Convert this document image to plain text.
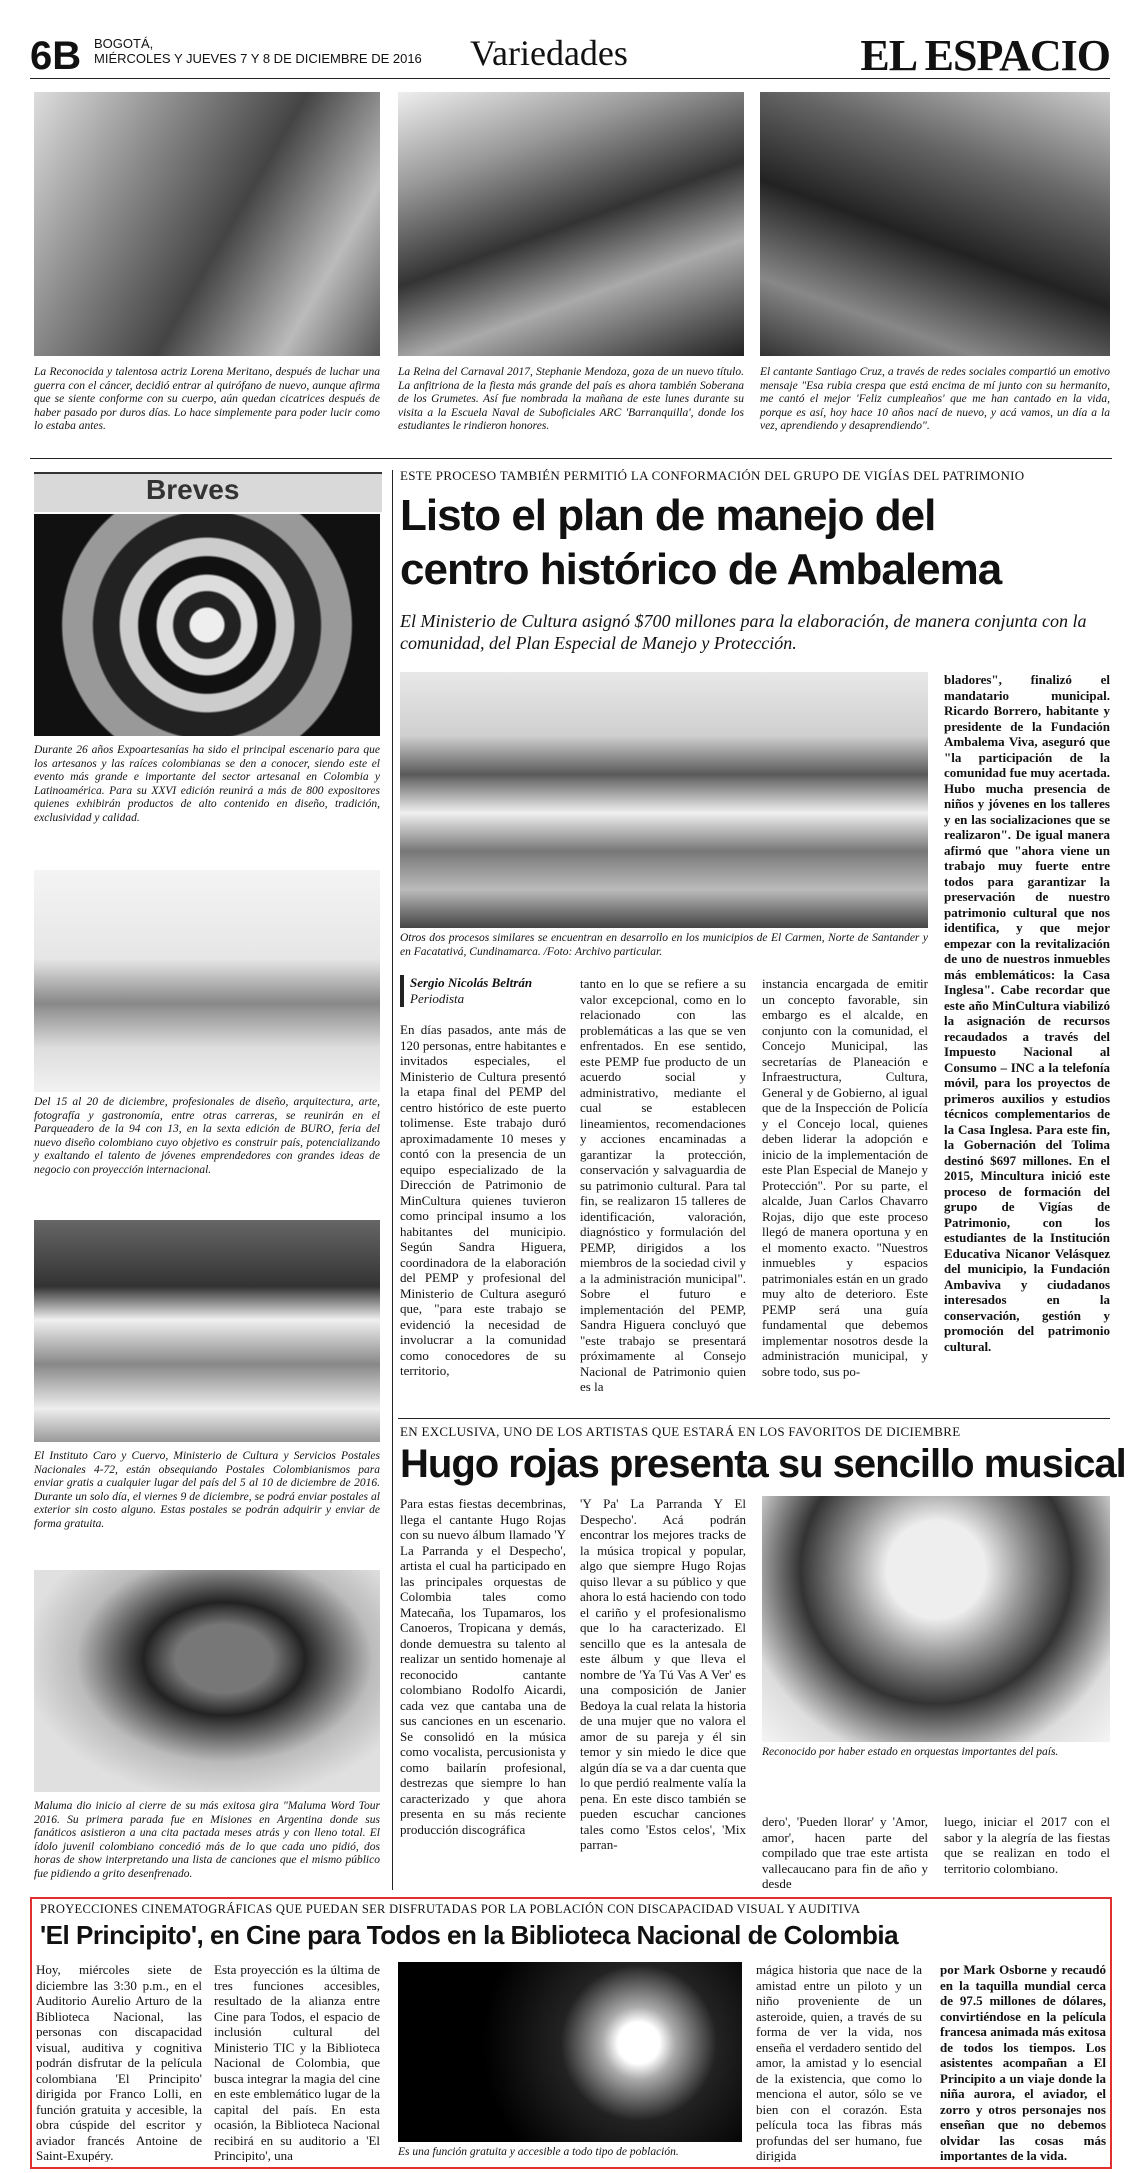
6B BOGOTÁ,
MIÉRCOLES Y JUEVES 7 Y 8 DE DICIEMBRE DE 2016 Variedades	EL ESPACIO
La Reconocida y talentosa actriz Lorena Meritano, después de luchar una guerra con el cáncer, decidió entrar al quirófano de nuevo, aunque afirma que se siente conforme con su cuerpo, aún quedan cicatrices después de haber pasado por duros días. Lo hace simplemente para poder lucir como lo estaba antes.
La Reina del Carnaval 2017, Stephanie Mendoza, goza de un nuevo título. La anfitriona de la fiesta más grande del país es ahora también Soberana de los Grumetes. Así fue nombrada la mañana de este lunes durante su visita a la Escuela Naval de Suboficiales ARC 'Barranquilla', donde los estudiantes le rindieron honores.
El cantante Santiago Cruz, a través de redes sociales compartió un emotivo mensaje "Esa rubia crespa que está encima de mí junto con su hermanito, me cantó el mejor 'Feliz cumpleaños' que me han cantado en la vida, porque es así, hoy hace 10 años nací de nuevo, y acá vamos, un día a la vez, aprendiendo y desaprendiendo".
Breves
Durante 26 años Expoartesanías ha sido el principal escenario para que los artesanos y las raíces colombianas se den a conocer, siendo este el evento más grande e importante del sector artesanal en Colombia y Latinoamérica. Para su XXVI edición reunirá a más de 800 expositores quienes exhibirán productos de alto contenido en diseño, tradición, exclusividad y calidad.
Del 15 al 20 de diciembre, profesionales de diseño, arquitectura, arte, fotografía y gastronomía, entre otras carreras, se reunirán en el Parqueadero de la 94 con 13, en la sexta edición de BURO, feria del nuevo diseño colombiano cuyo objetivo es construir país, potencializando y exaltando el talento de jóvenes emprendedores con grandes ideas de negocio con proyección internacional.
El Instituto Caro y Cuervo, Ministerio de Cultura y Servicios Postales Nacionales 4-72, están obsequiando Postales Colombianismos para enviar gratis a cualquier lugar del país del 5 al 10 de diciembre de 2016. Durante un solo día, el viernes 9 de diciembre, se podrá enviar postales al exterior sin costo alguno. Estas postales se podrán adquirir y enviar de forma gratuita.
Maluma dio inicio al cierre de su más exitosa gira "Maluma Word Tour 2016. Su primera parada fue en Misiones en Argentina donde sus fanáticos asistieron a una cita pactada meses atrás y con lleno total. El ídolo juvenil colombiano concedió más de lo que cada uno pidió, dos horas de show interpretando una lista de canciones que el mismo público fue pidiendo a grito desenfrenado.
ESTE PROCESO TAMBIÉN PERMITIÓ LA CONFORMACIÓN DEL GRUPO DE VIGÍAS DEL PATRIMONIO
Listo el plan de manejo del
centro histórico de Ambalema
El Ministerio de Cultura asignó $700 millones para la elaboración, de manera conjunta con la comunidad, del Plan Especial de Manejo y Protección.
Otros dos procesos similares se encuentran en desarrollo en los municipios de El Carmen, Norte de Santander y en Facatativá, Cundinamarca. /Foto: Archivo particular.
Sergio Nicolás Beltrán
Periodista
En días pasados, ante más de 120 personas, entre habitantes e invitados especiales, el Ministerio de Cultura presentó la etapa final del PEMP del centro histórico de este puerto tolimense. Este trabajo duró aproximadamente 10 meses y contó con la presencia de un equipo especializado de la Dirección de Patrimonio de MinCultura quienes tuvieron como principal insumo a los habitantes del municipio. Según Sandra Higuera, coordinadora de la elaboración del PEMP y profesional del Ministerio de Cultura aseguró que, "para este trabajo se evidenció la necesidad de involucrar a la comunidad como conocedores de su territorio,
tanto en lo que se refiere a su valor excepcional, como en lo relacionado con las problemáticas a las que se ven enfrentados. En ese sentido, este PEMP fue producto de un acuerdo social y administrativo, mediante el cual se establecen lineamientos, recomendaciones y acciones encaminadas a garantizar la protección, conservación y salvaguardia de su patrimonio cultural. Para tal fin, se realizaron 15 talleres de identificación, valoración, diagnóstico y formulación del PEMP, dirigidos a los miembros de la sociedad civil y a la administración municipal". Sobre el futuro e implementación del PEMP, Sandra Higuera concluyó que "este trabajo se presentará próximamente al Consejo Nacional de Patrimonio quien es la
instancia encargada de emitir un concepto favorable, sin embargo es el alcalde, en conjunto con la comunidad, el Concejo Municipal, las secretarías de Planeación e Infraestructura, Cultura, General y de Gobierno, al igual que de la Inspección de Policía y el Concejo local, quienes deben liderar la adopción e inicio de la implementación de este Plan Especial de Manejo y Protección". Por su parte, el alcalde, Juan Carlos Chavarro Rojas, dijo que este proceso llegó de manera oportuna y en el momento exacto. "Nuestros inmuebles y espacios patrimoniales están en un grado muy alto de deterioro. Este PEMP será una guía fundamental que debemos implementar nosotros desde la administración municipal, y sobre todo, sus po-
bladores", finalizó el mandatario municipal. Ricardo Borrero, habitante y presidente de la Fundación Ambalema Viva, aseguró que "la participación de la comunidad fue muy acertada. Hubo mucha presencia de niños y jóvenes en los talleres y en las socializaciones que se realizaron". De igual manera afirmó que "ahora viene un trabajo muy fuerte entre todos para garantizar la preservación de nuestro patrimonio cultural que nos identifica, y que mejor empezar con la revitalización de uno de nuestros inmuebles más emblemáticos: la Casa Inglesa". Cabe recordar que este año MinCultura viabilizó la asignación de recursos recaudados a través del Impuesto Nacional al Consumo – INC a la telefonía móvil, para los proyectos de primeros auxilios y estudios técnicos complementarios de la Casa Inglesa. Para este fin, la Gobernación del Tolima destinó $697 millones. En el 2015, Mincultura inició este proceso de formación del grupo de Vigías de Patrimonio, con los estudiantes de la Institución Educativa Nicanor Velásquez del municipio, la Fundación Ambaviva y ciudadanos interesados en la conservación, gestión y promoción del patrimonio cultural.
EN EXCLUSIVA, UNO DE LOS ARTISTAS QUE ESTARÁ EN LOS FAVORITOS DE DICIEMBRE
Hugo rojas presenta su sencillo musical
Para estas fiestas decembrinas, llega el cantante Hugo Rojas con su nuevo álbum llamado 'Y La Parranda y el Despecho', artista el cual ha participado en las principales orquestas de Colombia tales como Matecaña, los Tupamaros, los Canoeros, Tropicana y demás, donde demuestra su talento al realizar un sentido homenaje al reconocido cantante colombiano Rodolfo Aicardi, cada vez que cantaba una de sus canciones en un escenario. Se consolidó en la música como vocalista, percusionista y como bailarín profesional, destrezas que siempre lo han caracterizado y que ahora presenta en su más reciente producción discográfica
'Y Pa' La Parranda Y El Despecho'. Acá podrán encontrar los mejores tracks de la música tropical y popular, algo que siempre Hugo Rojas quiso llevar a su público y que ahora lo está haciendo con todo el cariño y el profesionalismo que lo ha caracterizado. El sencillo que es la antesala de este álbum y que lleva el nombre de 'Ya Tú Vas A Ver' es una composición de Janier Bedoya la cual relata la historia de una mujer que no valora el amor de su pareja y él sin temor y sin miedo le dice que algún día se va a dar cuenta que lo que perdió realmente valía la pena. En este disco también se pueden escuchar canciones tales como 'Estos celos', 'Mix parran-
Reconocido por haber estado en orquestas importantes del país.
dero', 'Pueden llorar' y 'Amor, amor', hacen parte del compilado que trae este artista vallecaucano para fin de año y desde
luego, iniciar el 2017 con el sabor y la alegría de las fiestas que se realizan en todo el territorio colombiano.
PROYECCIONES CINEMATOGRÁFICAS QUE PUEDAN SER DISFRUTADAS POR LA POBLACIÓN CON DISCAPACIDAD VISUAL Y AUDITIVA
'El Principito', en Cine para Todos en la Biblioteca Nacional de Colombia
Hoy, miércoles siete de diciembre las 3:30 p.m., en el Auditorio Aurelio Arturo de la Biblioteca Nacional, las personas con discapacidad visual, auditiva y cognitiva podrán disfrutar de la película colombiana 'El Principito' dirigida por Franco Lolli, en función gratuita y accesible, la obra cúspide del escritor y aviador francés Antoine de Saint-Exupéry.
Esta proyección es la última de tres funciones accesibles, resultado de la alianza entre Cine para Todos, el espacio de inclusión cultural del Ministerio TIC y la Biblioteca Nacional de Colombia, que busca integrar la magia del cine en este emblemático lugar de la capital del país. En esta ocasión, la Biblioteca Nacional recibirá en su auditorio a 'El Principito', una	Es una función gratuita y accesible a todo tipo de población.
mágica historia que nace de la amistad entre un piloto y un niño proveniente de un asteroide, quien, a través de su forma de ver la vida, nos enseña el verdadero sentido del amor, la amistad y lo esencial de la existencia, que como lo menciona el autor, sólo se ve bien con el corazón. Esta película toca las fibras más profundas del ser humano, fue dirigida
por Mark Osborne y recaudó en la taquilla mundial cerca de 97.5 millones de dólares, convirtiéndose en la película francesa animada más exitosa de todos los tiempos. Los asistentes acompañan a El Principito a un viaje donde la niña aurora, el aviador, el zorro y otros personajes nos enseñan que no debemos olvidar las cosas más importantes de la vida.
